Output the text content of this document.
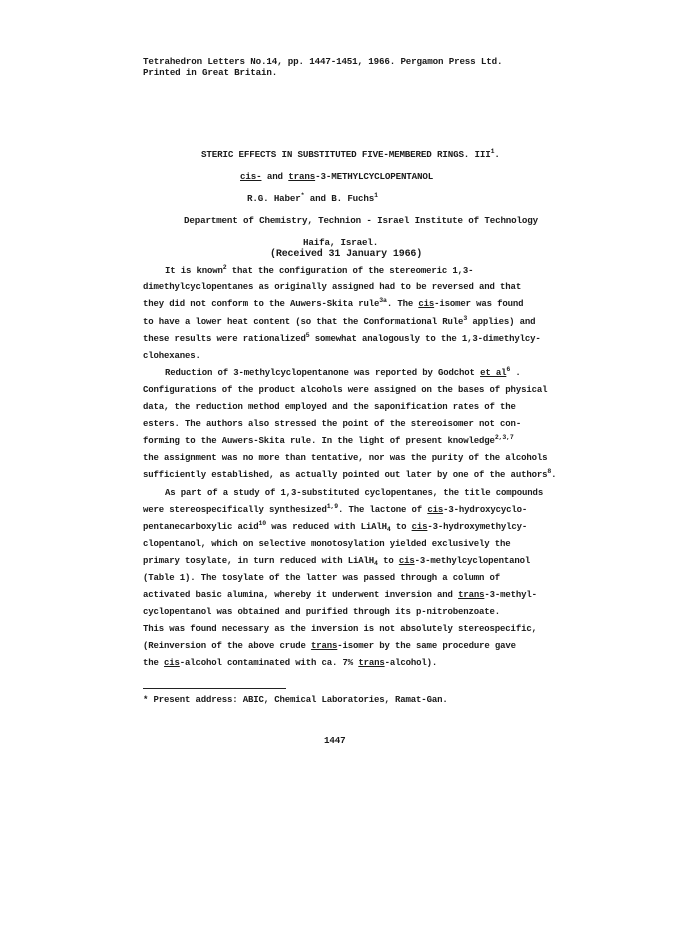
Tetrahedron Letters No.14, pp. 1447-1451, 1966. Pergamon Press Ltd.
Printed in Great Britain.
STERIC EFFECTS IN SUBSTITUTED FIVE-MEMBERED RINGS. III$^1$.
cis- and trans-3-METHYLCYCLOPENTANOL
R.G. Haber* and B. Fuchs$^1$
Department of Chemistry, Technion - Israel Institute of Technology
Haifa, Israel.
(Received 31 January 1966)
It is known$^2$ that the configuration of the stereomeric 1,3-
dimethylcyclopentanes as originally assigned had to be reversed and that
they did not conform to the Auwers-Skita rule$^{3a}$. The cis-isomer was found
to have a lower heat content (so that the Conformational Rule$^3$ applies) and
these results were rationalized$^5$ somewhat analogously to the 1,3-dimethylcy-
clohexanes.
Reduction of 3-methylcyclopentanone was reported by Godchot et $al^6$ .
Configurations of the product alcohols were assigned on the bases of physical
data, the reduction method employed and the saponification rates of the
esters. The authors also stressed the point of the stereoisomer not con-
forming to the Auwers-Skita rule. In the light of present knowledge$^{2,3,7}$
the assignment was no more than tentative, nor was the purity of the alcohols
sufficiently established, as actually pointed out later by one of the authors$^8$.
As part of a study of 1,3-substituted cyclopentanes, the title compounds
were stereospecifically synthesized$^{1,9}$. The lactone of cis-3-hydroxycyclo-
pentanecarboxylic acid$^{10}$ was reduced with LiAlH$_4$ to cis-3-hydroxymethylcy-
clopentanol, which on selective monotosylation yielded exclusively the
primary tosylate, in turn reduced with LiAlH$_4$ to cis-3-methylcyclopentanol
(Table 1). The tosylate of the latter was passed through a column of
activated basic alumina, whereby it underwent inversion and trans-3-methyl-
cyclopentanol was obtained and purified through its p-nitrobenzoate.
This was found necessary as the inversion is not absolutely stereospecific,
(Reinversion of the above crude trans-isomer by the same procedure gave
the cis-alcohol contaminated with ca. 7% trans-alcohol).
* Present address: ABIC, Chemical Laboratories, Ramat-Gan.
1447
